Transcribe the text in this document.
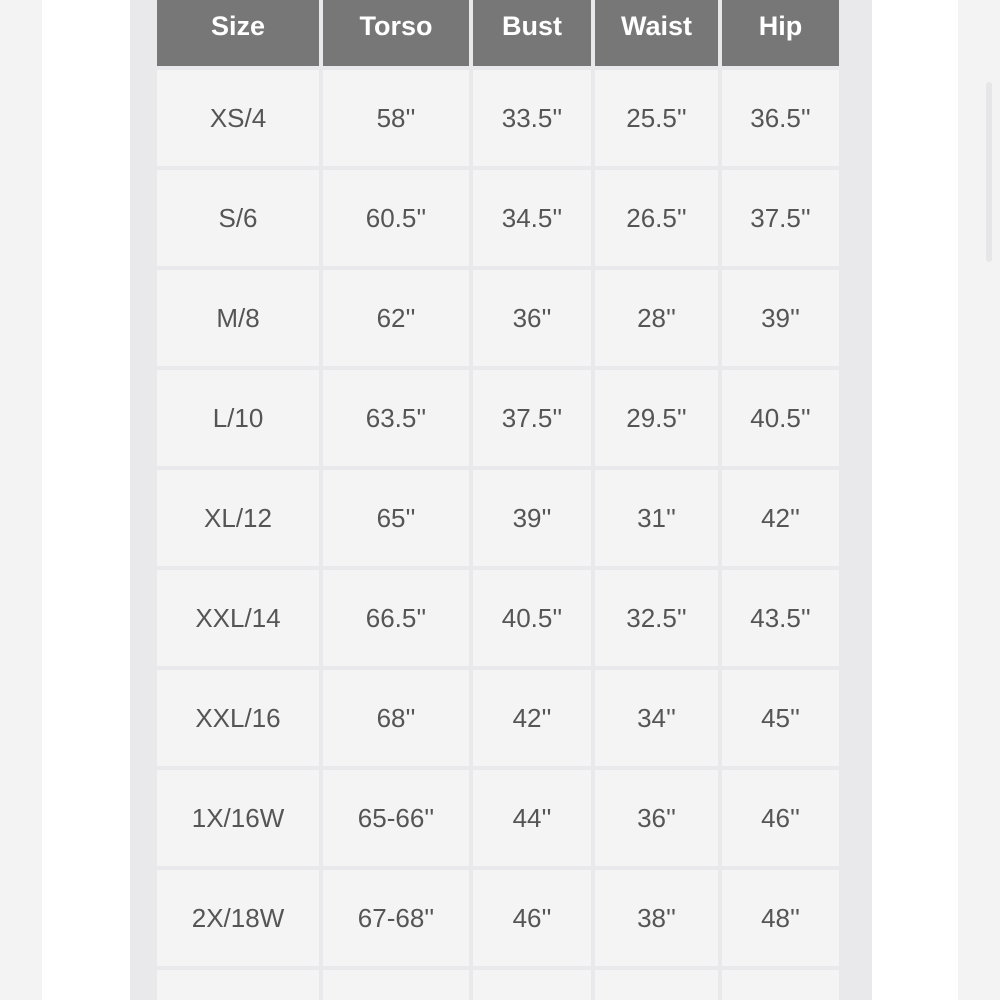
Size	Torso	Bust	Waist	Hip
XS/4	58''	33.5''	25.5''	36.5''
S/6	60.5''	34.5''	26.5''	37.5''
M/8	62''	36''	28''	39''
L/10	63.5''	37.5''	29.5''	40.5''
XL/12	65''	39''	31''	42''
XXL/14	66.5''	40.5''	32.5''	43.5''
XXL/16	68''	42''	34''	45''
1X/16W	65-66''	44''	36''	46''
2X/18W	67-68''	46''	38''	48''
